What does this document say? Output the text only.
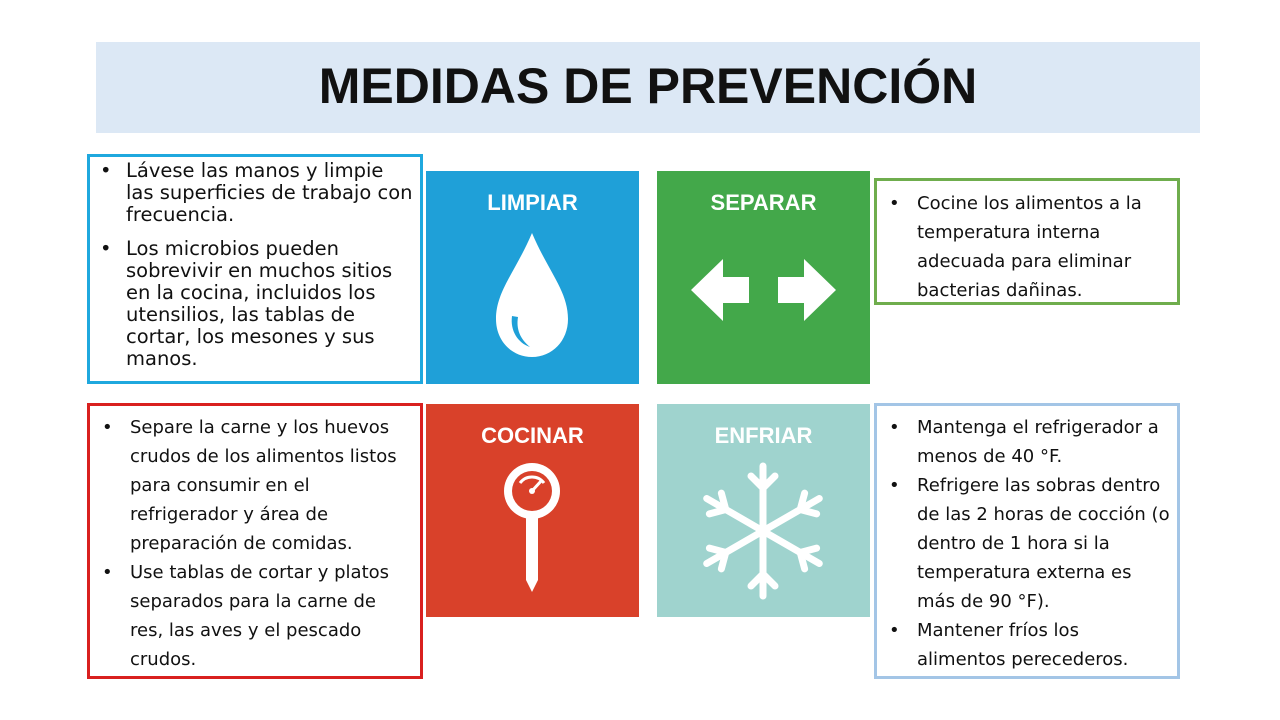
MEDIDAS DE PREVENCIÓN
• Lávese las manos y limpie las superficies de trabajo con frecuencia.
• Los microbios pueden sobrevivir en muchos sitios en la cocina, incluidos los utensilios, las tablas de cortar, los mesones y sus manos.
• Cocine los alimentos a la temperatura interna adecuada para eliminar bacterias dañinas.
• Separe la carne y los huevos crudos de los alimentos listos para consumir en el refrigerador y área de preparación de comidas.
• Use tablas de cortar y platos separados para la carne de res, las aves y el pescado crudos.
• Mantenga el refrigerador a menos de 40 °F.
• Refrigere las sobras dentro de las 2 horas de cocción (o dentro de 1 hora si la temperatura externa es más de 90 °F).
• Mantener fríos los alimentos perecederos.
LIMPIAR	SEPARAR
COCINAR	ENFRIAR
